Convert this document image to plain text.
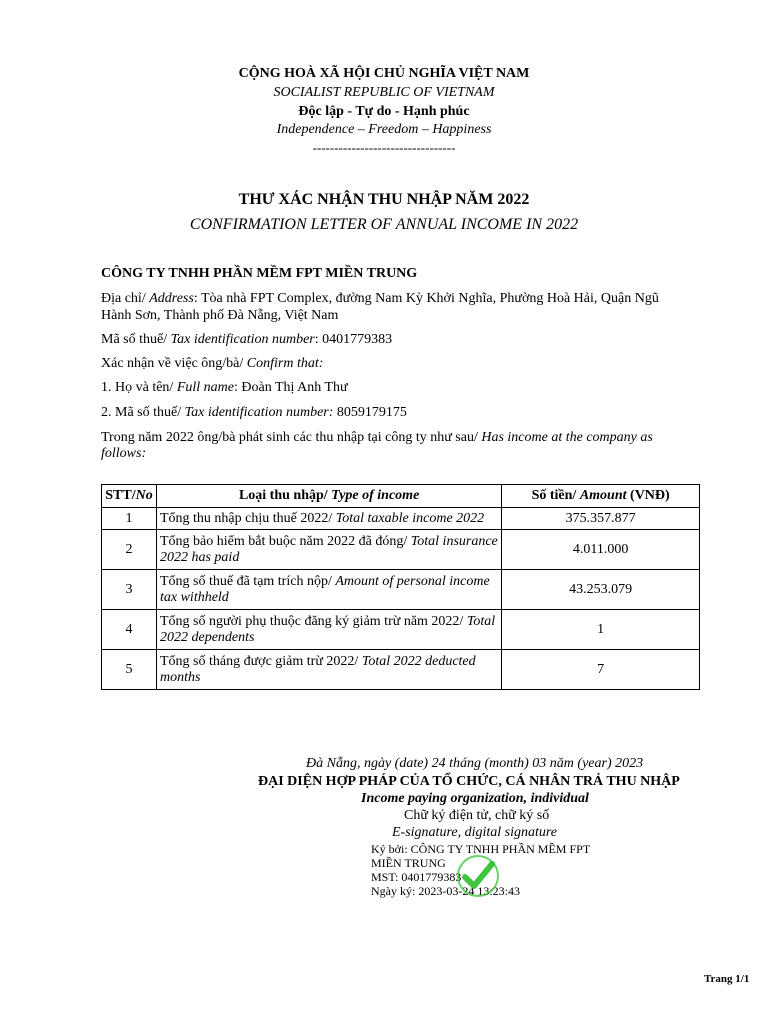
CỘNG HOÀ XÃ HỘI CHỦ NGHĨA VIỆT NAM
SOCIALIST REPUBLIC OF VIETNAM
Độc lập - Tự do - Hạnh phúc
Independence – Freedom – Happiness
---------------------------------
THƯ XÁC NHẬN THU NHẬP NĂM 2022
CONFIRMATION LETTER OF ANNUAL INCOME IN 2022
CÔNG TY TNHH PHẦN MỀM FPT MIỀN TRUNG
Địa chỉ/ Address: Tòa nhà FPT Complex, đường Nam Kỳ Khởi Nghĩa, Phường Hoà Hải, Quận Ngũ
Hành Sơn, Thành phố Đà Nẵng, Việt Nam
Mã số thuế/ Tax identification number: 0401779383
Xác nhận về việc ông/bà/ Confirm that:
1. Họ và tên/ Full name: Đoàn Thị Anh Thư
2. Mã số thuế/ Tax identification number: 8059179175
Trong năm 2022 ông/bà phát sinh các thu nhập tại công ty như sau/ Has income at the company as
follows:
STT/No	Loại thu nhập/ Type of income	Số tiền/ Amount (VNĐ)
1	Tổng thu nhập chịu thuế 2022/ Total taxable income 2022	375.357.877
2	Tổng bảo hiểm bắt buộc năm 2022 đã đóng/ Total insurance 2022 has paid	4.011.000
3	Tổng số thuế đã tạm trích nộp/ Amount of personal income tax withheld	43.253.079
4	Tổng số người phụ thuộc đăng ký giảm trừ năm 2022/ Total 2022 dependents	1
5	Tổng số tháng được giảm trừ 2022/ Total 2022 deducted months	7
Đà Nẵng, ngày (date) 24 tháng (month) 03 năm (year) 2023
ĐẠI DIỆN HỢP PHÁP CỦA TỔ CHỨC, CÁ NHÂN TRẢ THU NHẬP
Income paying organization, individual
Chữ ký điện tử, chữ ký số
E-signature, digital signature
Ký bởi: CÔNG TY TNHH PHẦN MỀM FPT
MIỀN TRUNG
MST: 0401779383
Ngày ký: 2023-03-24 13:23:43
Trang 1/1
